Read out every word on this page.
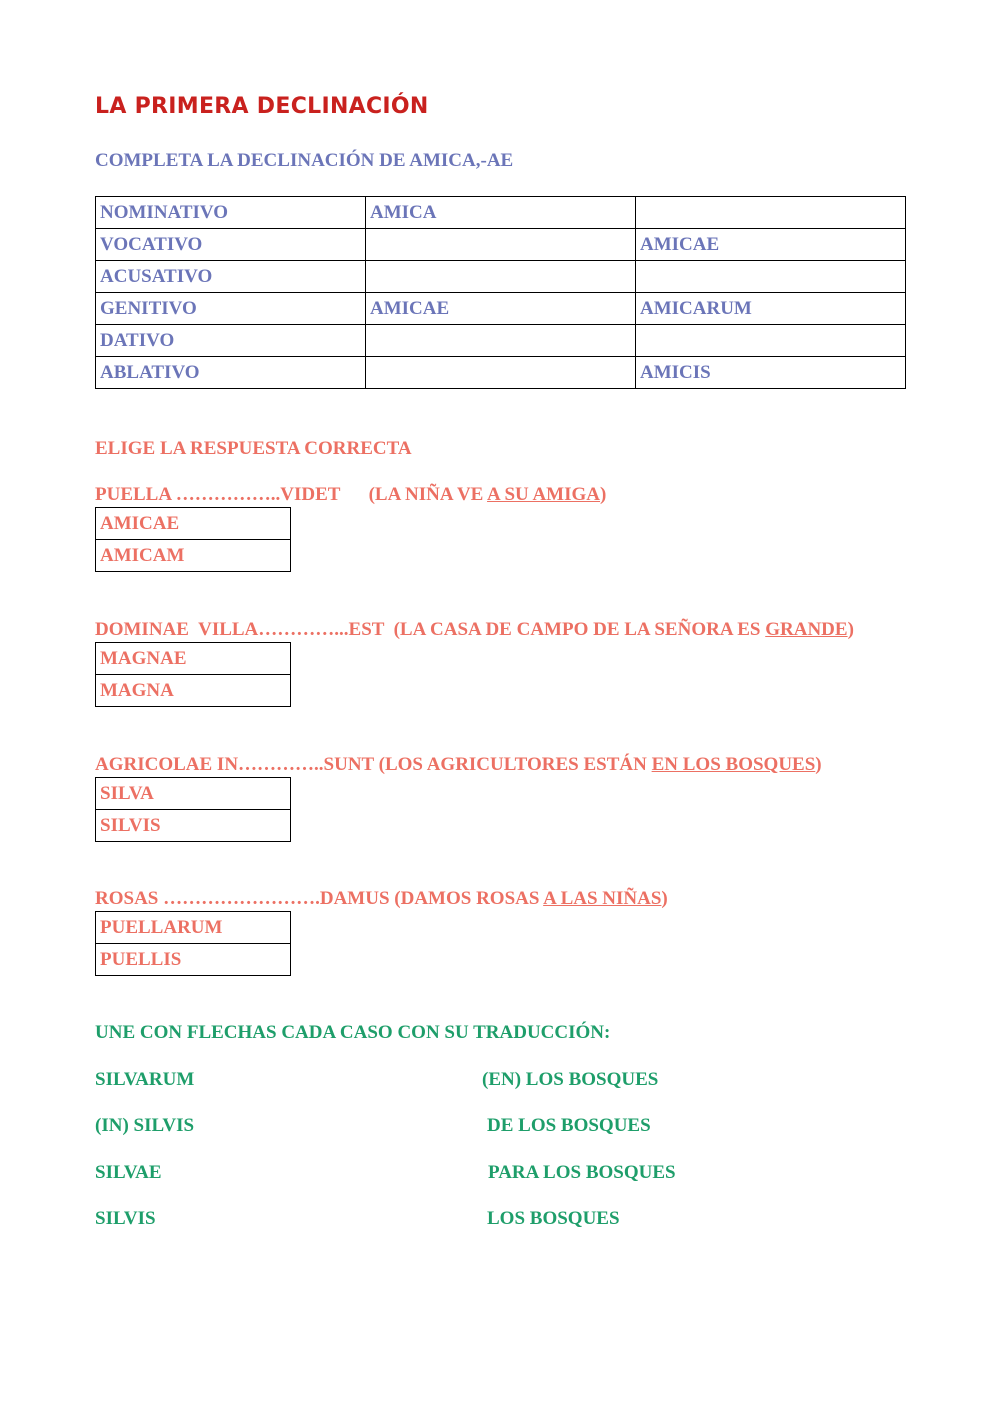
LA PRIMERA DECLINACIÓN
COMPLETA LA DECLINACIÓN DE AMICA,-AE
NOMINATIVO	AMICA	
VOCATIVO		AMICAE
ACUSATIVO		
GENITIVO	AMICAE	AMICARUM
DATIVO		
ABLATIVO		AMICIS
ELIGE LA RESPUESTA CORRECTA
PUELLA ……………..VIDET (LA NIÑA VE A SU AMIGA)
AMICAE
AMICAM
DOMINAE  VILLA…………...EST (LA CASA DE CAMPO DE LA SEÑORA ES GRANDE)
MAGNAE
MAGNA
AGRICOLAE IN…………..SUNT (LOS AGRICULTORES ESTÁN EN LOS BOSQUES)
SILVA
SILVIS
ROSAS …………………….DAMUS (DAMOS ROSAS A LAS NIÑAS)
PUELLARUM
PUELLIS
UNE CON FLECHAS CADA CASO CON SU TRADUCCIÓN:
SILVARUM	(EN) LOS BOSQUES
(IN) SILVIS	DE LOS BOSQUES
SILVAE	PARA LOS BOSQUES
SILVIS	LOS BOSQUES
